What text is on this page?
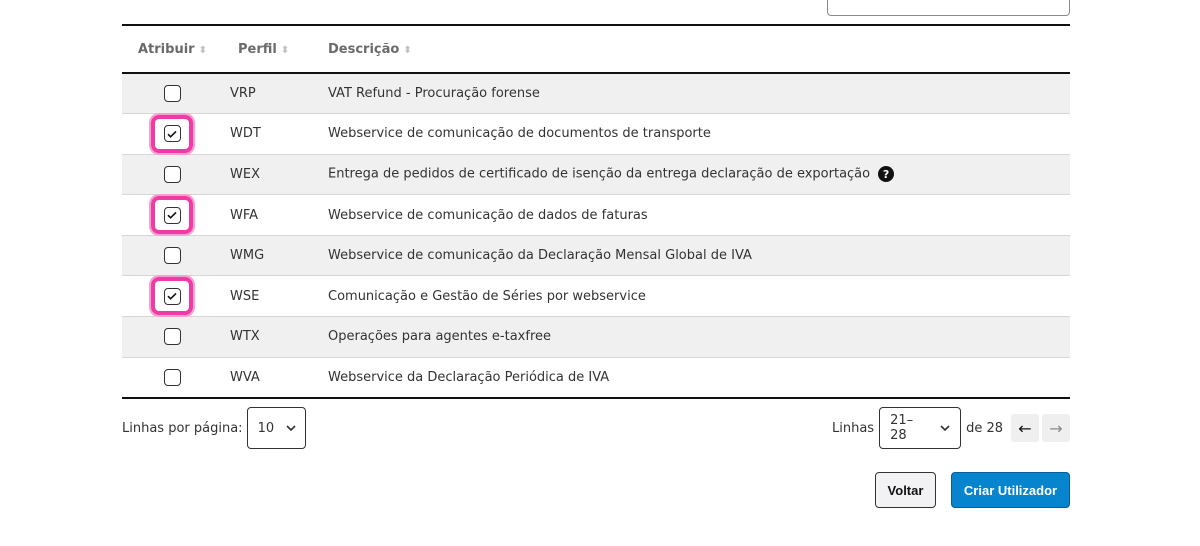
Atribuir ⬍	Perfil ⬍	Descrição ⬍

	VRP	VAT Refund - Procuração forense

	WDT	Webservice de comunicação de documentos de transporte

	WEX	Entrega de pedidos de certificado de isenção da entrega declaração de exportação ?

	WFA	Webservice de comunicação de dados de faturas

	WMG	Webservice de comunicação da Declaração Mensal Global de IVA

	WSE	Comunicação e Gestão de Séries por webservice

	WTX	Operações para agentes e-taxfree

	WVA	Webservice da Declaração Periódica de IVA
Linhas por página: 10	Linhas 21–28	de 28 ← →
Voltar	Criar Utilizador
